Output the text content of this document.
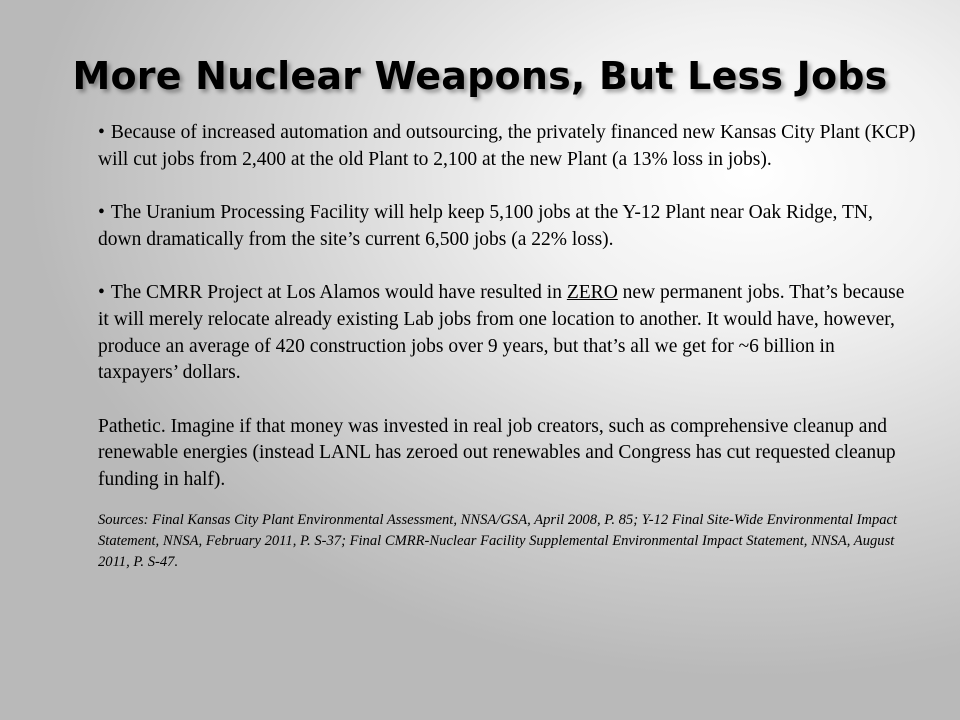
More Nuclear Weapons, But Less Jobs

• Because of increased automation and outsourcing, the privately financed new Kansas City Plant (KCP) will cut jobs from 2,400 at the old Plant to 2,100 at the new Plant (a 13% loss in jobs).

• The Uranium Processing Facility will help keep 5,100 jobs at the Y-12 Plant near Oak Ridge, TN, down dramatically from the site’s current 6,500 jobs (a 22% loss).

• The CMRR Project at Los Alamos would have resulted in ZERO new permanent jobs. That’s because it will merely relocate already existing Lab jobs from one location to another. It would have, however, produce an average of 420 construction jobs over 9 years, but that’s all we get for ~6 billion in taxpayers’ dollars.

Pathetic. Imagine if that money was invested in real job creators, such as comprehensive cleanup and renewable energies (instead LANL has zeroed out renewables and Congress has cut requested cleanup funding in half).

Sources: Final Kansas City Plant Environmental Assessment, NNSA/GSA, April 2008, P. 85; Y-12 Final Site-Wide Environmental Impact Statement, NNSA, February 2011, P. S-37; Final CMRR-Nuclear Facility Supplemental Environmental Impact Statement, NNSA, August 2011, P. S-47.
